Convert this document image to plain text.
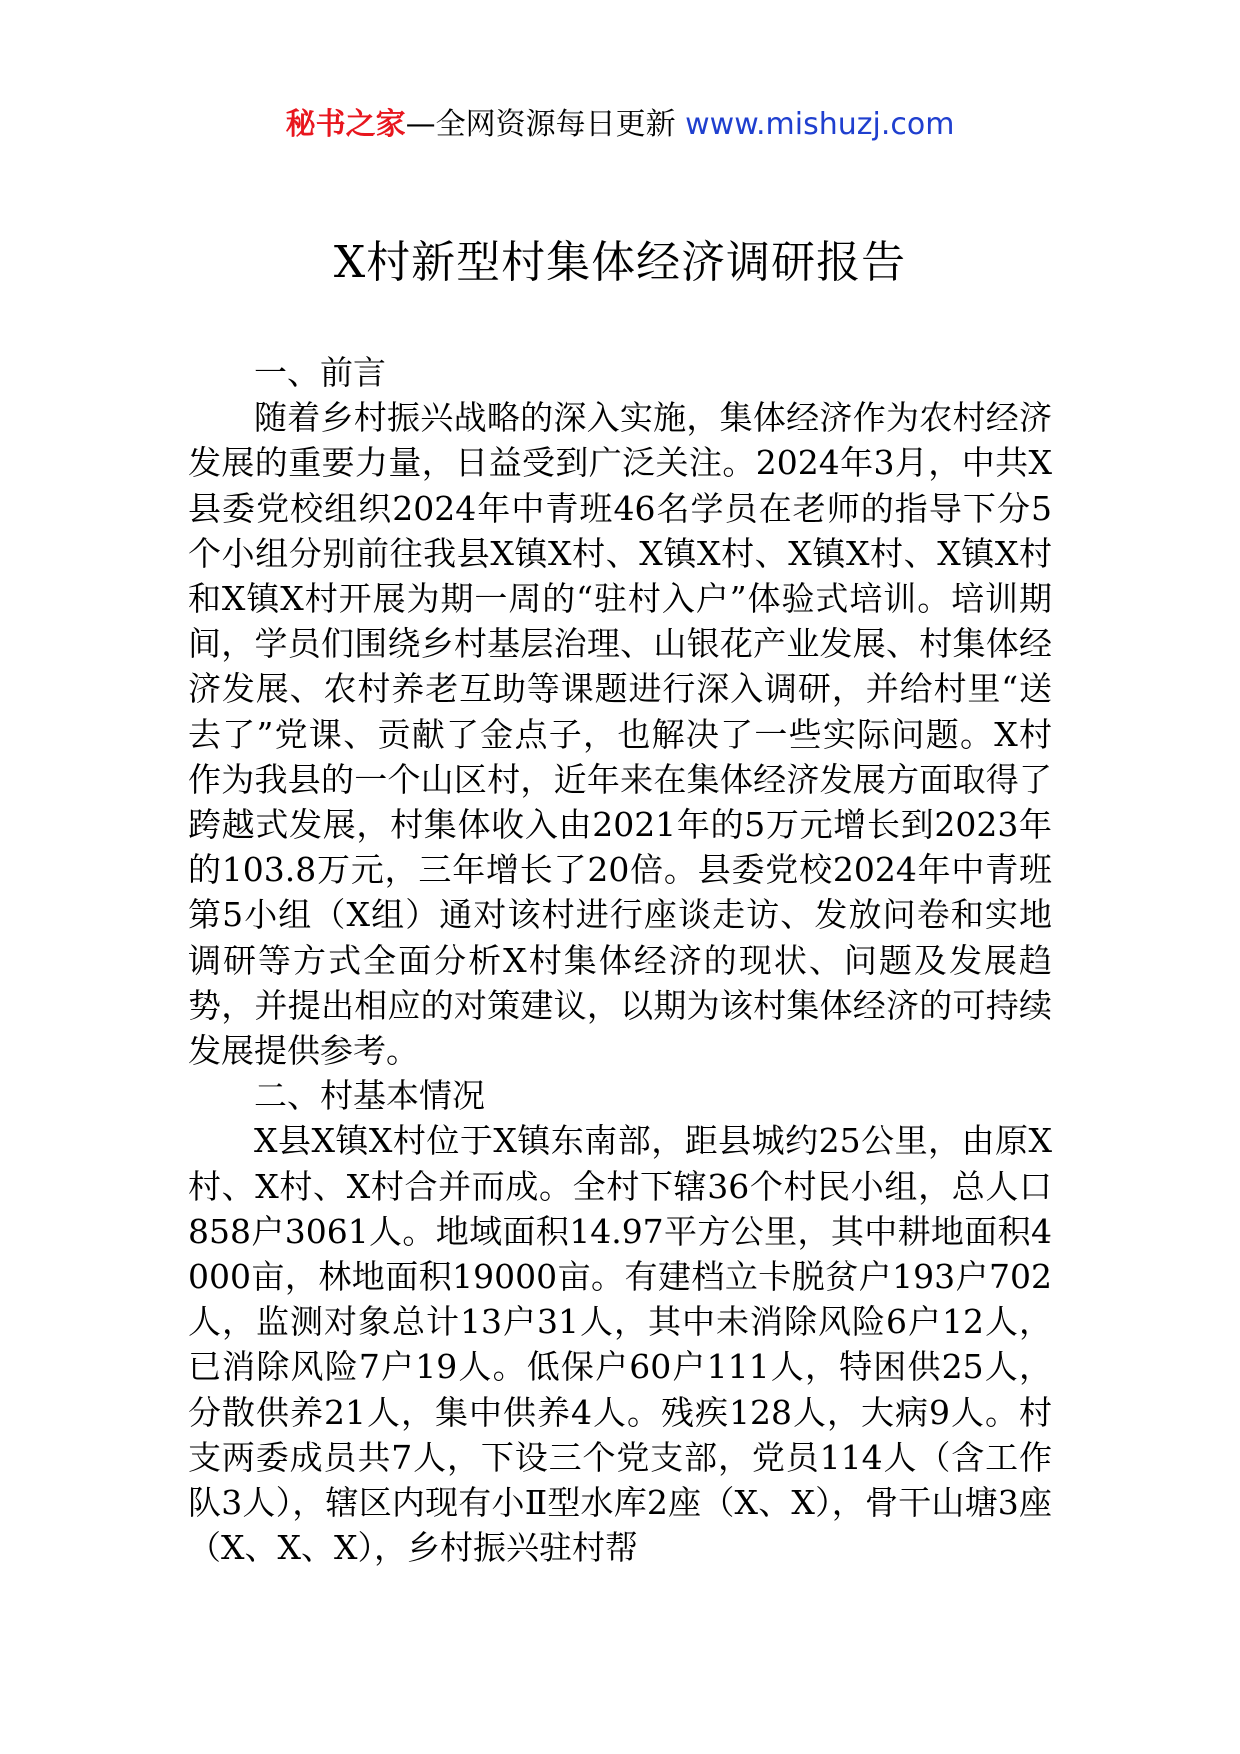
秘书之家—全网资源每日更新 www.mishuzj.com
X村新型村集体经济调研报告
一、前言

随着乡村振兴战略的深入实施，集体经济作为农村经济发展的重要力量，日益受到广泛关注。2024年3月，中共X县委党校组织2024年中青班46名学员在老师的指导下分5个小组分别前往我县X镇X村、X镇X村、X镇X村、X镇X村和X镇X村开展为期一周的“驻村入户”体验式培训。培训期间，学员们围绕乡村基层治理、山银花产业发展、村集体经济发展、农村养老互助等课题进行深入调研，并给村里“送去了”党课、贡献了金点子，也解决了一些实际问题。X村作为我县的一个山区村，近年来在集体经济发展方面取得了跨越式发展，村集体收入由2021年的5万元增长到2023年的103.8万元，三年增长了20倍。县委党校2024年中青班第5小组（X组）通对该村进行座谈走访、发放问卷和实地调研等方式全面分析X村集体经济的现状、问题及发展趋势，并提出相应的对策建议，以期为该村集体经济的可持续发展提供参考。

二、村基本情况

X县X镇X村位于X镇东南部，距县城约25公里，由原X村、X村、X村合并而成。全村下辖36个村民小组，总人口858户3061人。地域面积14.97平方公里，其中耕地面积4000亩，林地面积19000亩。有建档立卡脱贫户193户702人，监测对象总计13户31人，其中未消除风险6户12人，已消除风险7户19人。低保户60户111人，特困供25人，分散供养21人，集中供养4人。残疾128人，大病9人。村支两委成员共7人，下设三个党支部，党员114人（含工作队3人），辖区内现有小Ⅱ型水库2座（X、X），骨干山塘3座（X、X、X），乡村振兴驻村帮
